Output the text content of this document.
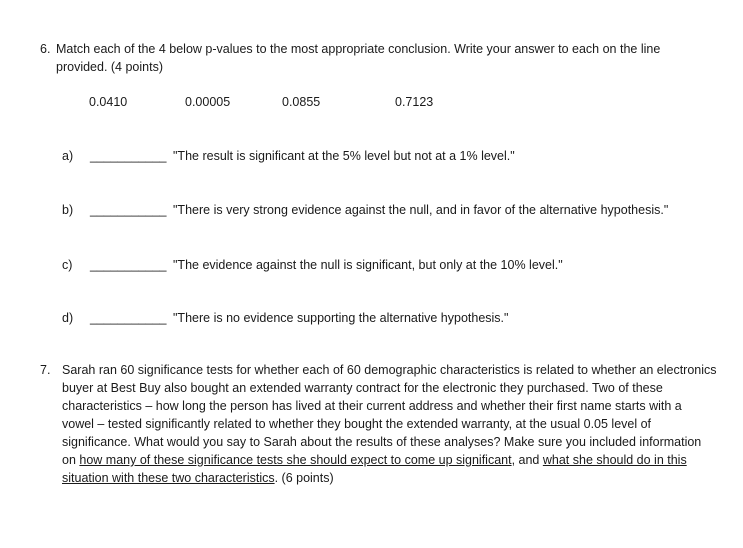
6. Match each of the 4 below p-values to the most appropriate conclusion. Write your answer to each on the line provided. (4 points)
0.0410	0.00005	0.0855	0.7123
a) ___________ "The result is significant at the 5% level but not at a 1% level."
b) ___________ "There is very strong evidence against the null, and in favor of the alternative hypothesis."
c) ___________ "The evidence against the null is significant, but only at the 10% level."
d) ___________ "There is no evidence supporting the alternative hypothesis."
7. Sarah ran 60 significance tests for whether each of 60 demographic characteristics is related to whether an electronics buyer at Best Buy also bought an extended warranty contract for the electronic they purchased. Two of these characteristics – how long the person has lived at their current address and whether their first name starts with a vowel – tested significantly related to whether they bought the extended warranty, at the usual 0.05 level of significance. What would you say to Sarah about the results of these analyses? Make sure you included information on how many of these significance tests she should expect to come up significant, and what she should do in this situation with these two characteristics. (6 points)
